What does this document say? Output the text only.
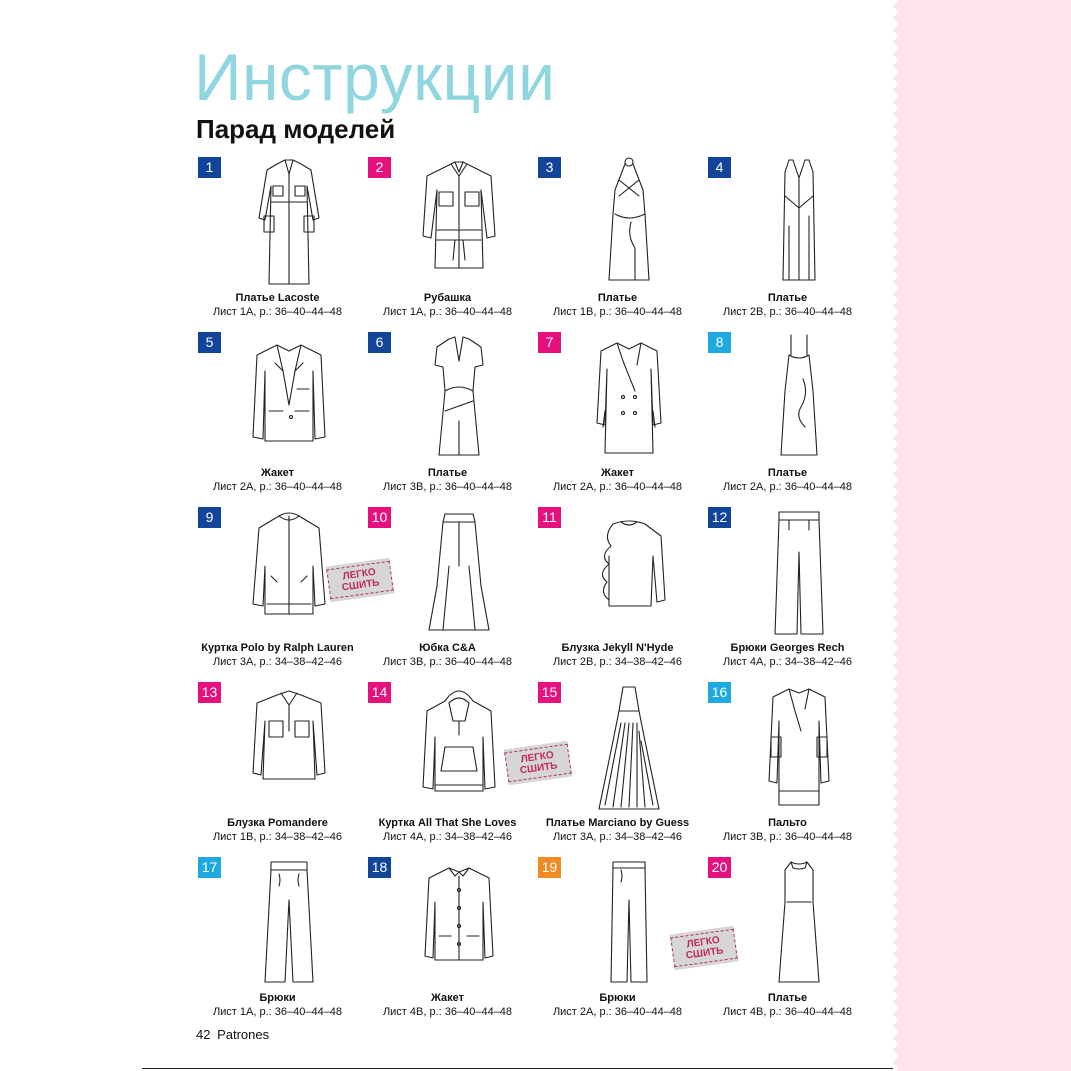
Инструкции
Парад моделей
1
Платье Lacoste
Лист 1А, р.: 36–40–44–48
2
Рубашка
Лист 1А, р.: 36–40–44–48
3
Платье
Лист 1В, р.: 36–40–44–48
4
Платье
Лист 2В, р.: 36–40–44–48
5
Жакет
Лист 2А, р.: 36–40–44–48
6
Платье
Лист 3В, р.: 36–40–44–48
7
Жакет
Лист 2А, р.: 36–40–44–48
8
Платье
Лист 2А, р.: 36–40–44–48
9
Куртка Polo by Ralph Lauren
Лист 3А, р.: 34–38–42–46
10
ЛЕГКО СШИТЬ
Юбка C&A
Лист 3В, р.: 36–40–44–48
11
Блузка Jekyll N'Hyde
Лист 2В, р.: 34–38–42–46
12
Брюки Georges Rech
Лист 4А, р.: 34–38–42–46
13
Блузка Pomandere
Лист 1В, р.: 34–38–42–46
14
Куртка All That She Loves
Лист 4А, р.: 34–38–42–46
15
ЛЕГКО СШИТЬ
Платье Marciano by Guess
Лист 3А, р.: 34–38–42–46
16
Пальто
Лист 3В, р.: 36–40–44–48
17
Брюки
Лист 1А, р.: 36–40–44–48
18
Жакет
Лист 4В, р.: 36–40–44–48
19
Брюки
Лист 2А, р.: 36–40–44–48
20
ЛЕГКО СШИТЬ
Платье
Лист 4В, р.: 36–40–44–48
42 Patrones
